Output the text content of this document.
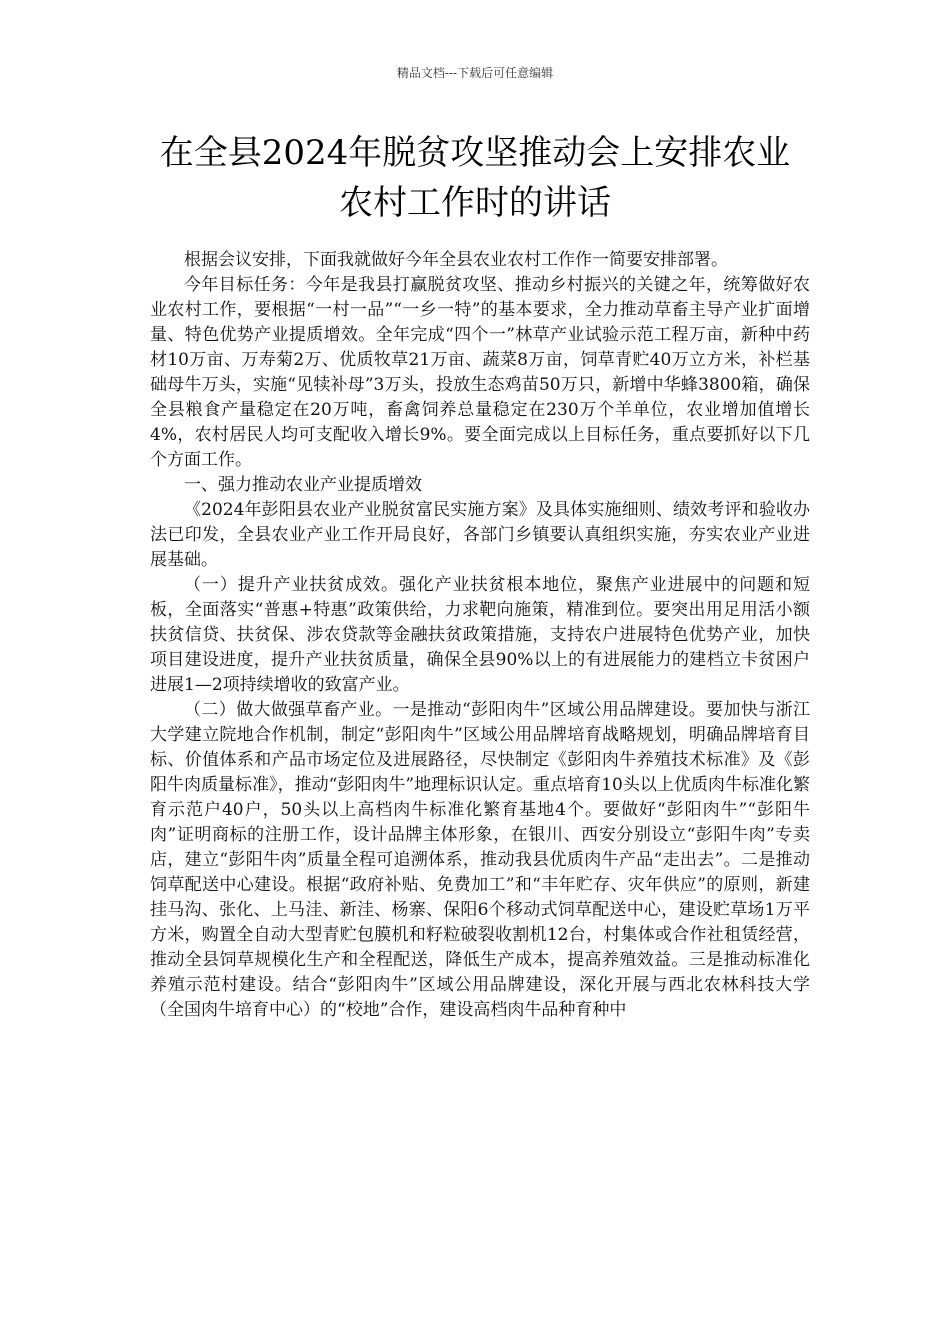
精品文档---下载后可任意编辑
在全县2024年脱贫攻坚推动会上安排农业
农村工作时的讲话

根据会议安排，下面我就做好今年全县农业农村工作作一简要安排部署。

今年目标任务：今年是我县打赢脱贫攻坚、推动乡村振兴的关键之年，统筹做好农业农村工作，要根据“一村一品”“一乡一特”的基本要求，全力推动草畜主导产业扩面增量、特色优势产业提质增效。全年完成“四个一”林草产业试验示范工程万亩，新种中药材10万亩、万寿菊2万、优质牧草21万亩、蔬菜8万亩，饲草青贮40万立方米，补栏基础母牛万头，实施“见犊补母”3万头，投放生态鸡苗50万只，新增中华蜂3800箱，确保全县粮食产量稳定在20万吨，畜禽饲养总量稳定在230万个羊单位，农业增加值增长4%，农村居民人均可支配收入增长9%。要全面完成以上目标任务，重点要抓好以下几个方面工作。

一、强力推动农业产业提质增效

《2024年彭阳县农业产业脱贫富民实施方案》及具体实施细则、绩效考评和验收办法已印发，全县农业产业工作开局良好，各部门乡镇要认真组织实施，夯实农业产业进展基础。

（一）提升产业扶贫成效。强化产业扶贫根本地位，聚焦产业进展中的问题和短板，全面落实“普惠+特惠”政策供给，力求靶向施策，精准到位。要突出用足用活小额扶贫信贷、扶贫保、涉农贷款等金融扶贫政策措施，支持农户进展特色优势产业，加快项目建设进度，提升产业扶贫质量，确保全县90%以上的有进展能力的建档立卡贫困户进展1—2项持续增收的致富产业。

（二）做大做强草畜产业。一是推动“彭阳肉牛”区域公用品牌建设。要加快与浙江大学建立院地合作机制，制定“彭阳肉牛”区域公用品牌培育战略规划，明确品牌培育目标、价值体系和产品市场定位及进展路径，尽快制定《彭阳肉牛养殖技术标准》及《彭阳牛肉质量标准》，推动“彭阳肉牛”地理标识认定。重点培育10头以上优质肉牛标准化繁育示范户40户，50头以上高档肉牛标准化繁育基地4个。要做好“彭阳肉牛”“彭阳牛肉”证明商标的注册工作，设计品牌主体形象，在银川、西安分别设立“彭阳牛肉”专卖店，建立“彭阳牛肉”质量全程可追溯体系，推动我县优质肉牛产品“走出去”。二是推动饲草配送中心建设。根据“政府补贴、免费加工”和“丰年贮存、灾年供应”的原则，新建挂马沟、张化、上马洼、新洼、杨寨、保阳6个移动式饲草配送中心，建设贮草场1万平方米，购置全自动大型青贮包膜机和籽粒破裂收割机12台，村集体或合作社租赁经营，推动全县饲草规模化生产和全程配送，降低生产成本，提高养殖效益。三是推动标准化养殖示范村建设。结合“彭阳肉牛”区域公用品牌建设，深化开展与西北农林科技大学（全国肉牛培育中心）的“校地”合作，建设高档肉牛品种育种中
